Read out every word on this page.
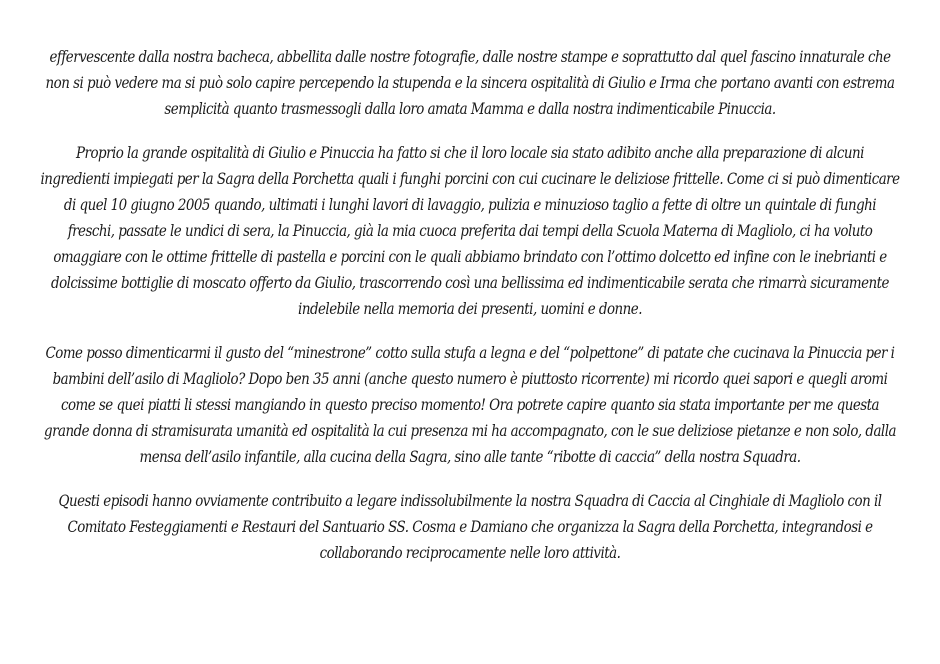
effervescente dalla nostra bacheca, abbellita dalle nostre fotografie, dalle nostre stampe e soprattutto dal quel fascino innaturale che non si può vedere ma si può solo capire percependo la stupenda e la sincera ospitalità di Giulio e Irma che portano avanti con estrema semplicità quanto trasmessogli dalla loro amata Mamma e dalla nostra indimenticabile Pinuccia.

Proprio la grande ospitalità di Giulio e Pinuccia ha fatto si che il loro locale sia stato adibito anche alla preparazione di alcuni ingredienti impiegati per la Sagra della Porchetta quali i funghi porcini con cui cucinare le deliziose frittelle. Come ci si può dimenticare di quel 10 giugno 2005 quando, ultimati i lunghi lavori di lavaggio, pulizia e minuzioso taglio a fette di oltre un quintale di funghi freschi, passate le undici di sera, la Pinuccia, già la mia cuoca preferita dai tempi della Scuola Materna di Magliolo, ci ha voluto omaggiare con le ottime frittelle di pastella e porcini con le quali abbiamo brindato con l’ottimo dolcetto ed infine con le inebrianti e dolcissime bottiglie di moscato offerto da Giulio, trascorrendo così una bellissima ed indimenticabile serata che rimarrà sicuramente indelebile nella memoria dei presenti, uomini e donne.

Come posso dimenticarmi il gusto del “minestrone” cotto sulla stufa a legna e del “polpettone” di patate che cucinava la Pinuccia per i bambini dell’asilo di Magliolo? Dopo ben 35 anni (anche questo numero è piuttosto ricorrente) mi ricordo quei sapori e quegli aromi come se quei piatti li stessi mangiando in questo preciso momento! Ora potrete capire quanto sia stata importante per me questa grande donna di stramisurata umanità ed ospitalità la cui presenza mi ha accompagnato, con le sue deliziose pietanze e non solo, dalla mensa dell’asilo infantile, alla cucina della Sagra, sino alle tante “ribotte di caccia” della nostra Squadra.

Questi episodi hanno ovviamente contribuito a legare indissolubilmente la nostra Squadra di Caccia al Cinghiale di Magliolo con il Comitato Festeggiamenti e Restauri del Santuario SS. Cosma e Damiano che organizza la Sagra della Porchetta, integrandosi e collaborando reciprocamente nelle loro attività.
